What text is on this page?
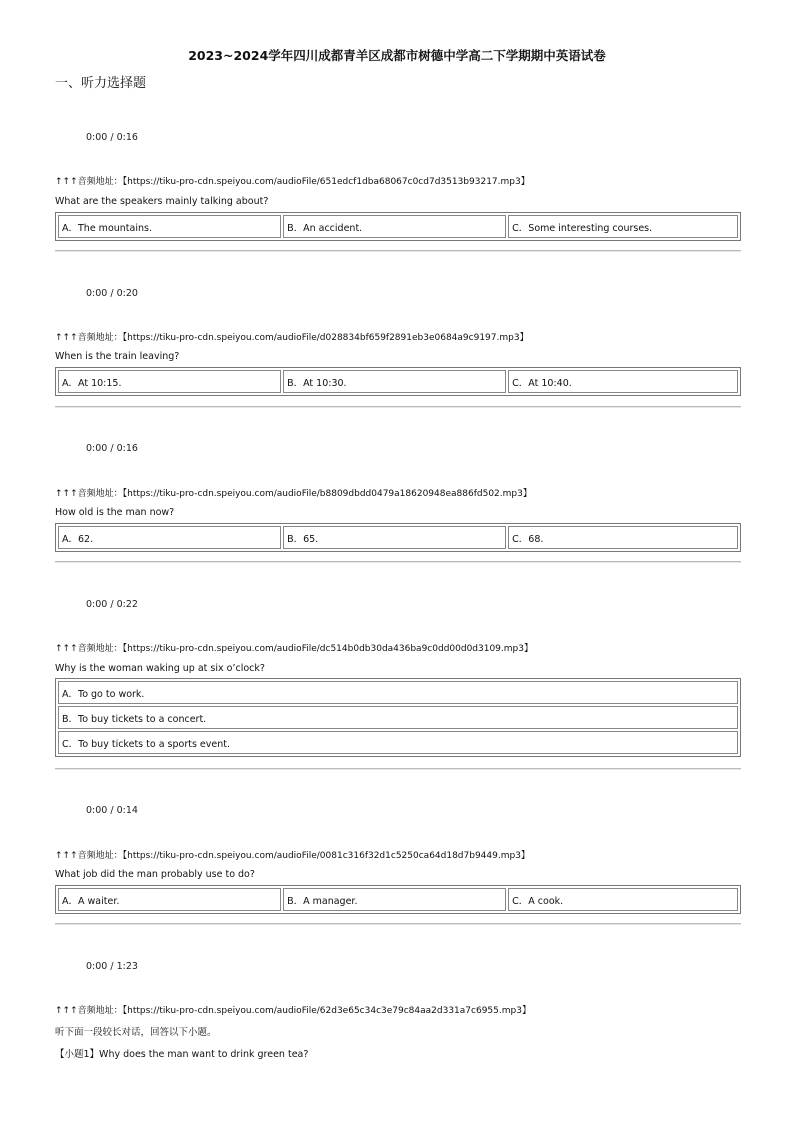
2023~2024学年四川成都青羊区成都市树德中学高二下学期期中英语试卷
一、听力选择题
0:00 / 0:16
↑↑↑音频地址：【https://tiku-pro-cdn.speiyou.com/audioFile/651edcf1dba68067c0cd7d3513b93217.mp3】
What are the speakers mainly talking about?
A．The mountains.	B．An accident.	C．Some interesting courses.
0:00 / 0:20
↑↑↑音频地址：【https://tiku-pro-cdn.speiyou.com/audioFile/d028834bf659f2891eb3e0684a9c9197.mp3】
When is the train leaving?
A．At 10:15.	B．At 10:30.	C．At 10:40.
0:00 / 0:16
↑↑↑音频地址：【https://tiku-pro-cdn.speiyou.com/audioFile/b8809dbdd0479a18620948ea886fd502.mp3】
How old is the man now?
A．62.	B．65.	C．68.
0:00 / 0:22
↑↑↑音频地址：【https://tiku-pro-cdn.speiyou.com/audioFile/dc514b0db30da436ba9c0dd00d0d3109.mp3】
Why is the woman waking up at six o’clock?
A．To go to work.
B．To buy tickets to a concert.
C．To buy tickets to a sports event.
0:00 / 0:14
↑↑↑音频地址：【https://tiku-pro-cdn.speiyou.com/audioFile/0081c316f32d1c5250ca64d18d7b9449.mp3】
What job did the man probably use to do?
A．A waiter.	B．A manager.	C．A cook.
0:00 / 1:23
↑↑↑音频地址：【https://tiku-pro-cdn.speiyou.com/audioFile/62d3e65c34c3e79c84aa2d331a7c6955.mp3】
听下面一段较长对话，回答以下小题。
【小题1】Why does the man want to drink green tea?
